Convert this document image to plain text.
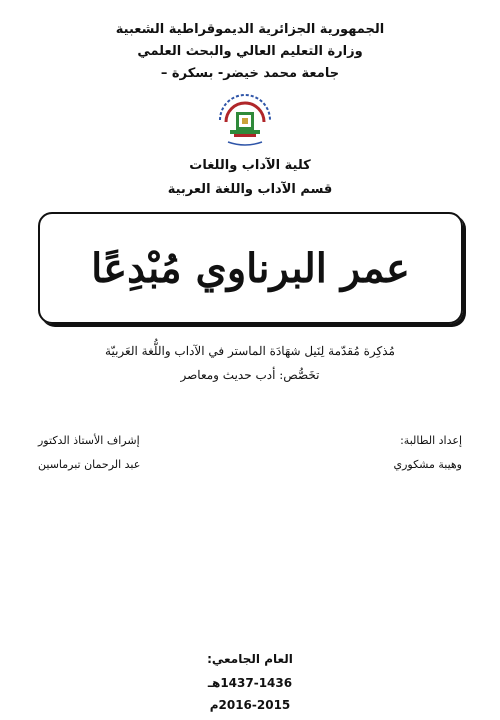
الجمهورية الجزائرية الديموقراطية الشعبية
وزارة التعليم العالي والبحث العلمي
جامعة محمد خيضر- بسكرة –
كلية الآداب واللغات
قسم الآداب واللغة العربية
عمر البرناوي مُبْدِعًا
مُذكِرة مُقدّمة لِنَيل شهَادَة الماستر في الآداب واللُّغة العَربيّة
تخَصُّص: أدب حديث ومعاصر
إعداد الطالبة:
وهيبة مشكوري
إشراف الأستاذ الدكتور
عبد الرحمان تبرماسين
العام الجامعي:
1437-1436هـ
2016-2015م
